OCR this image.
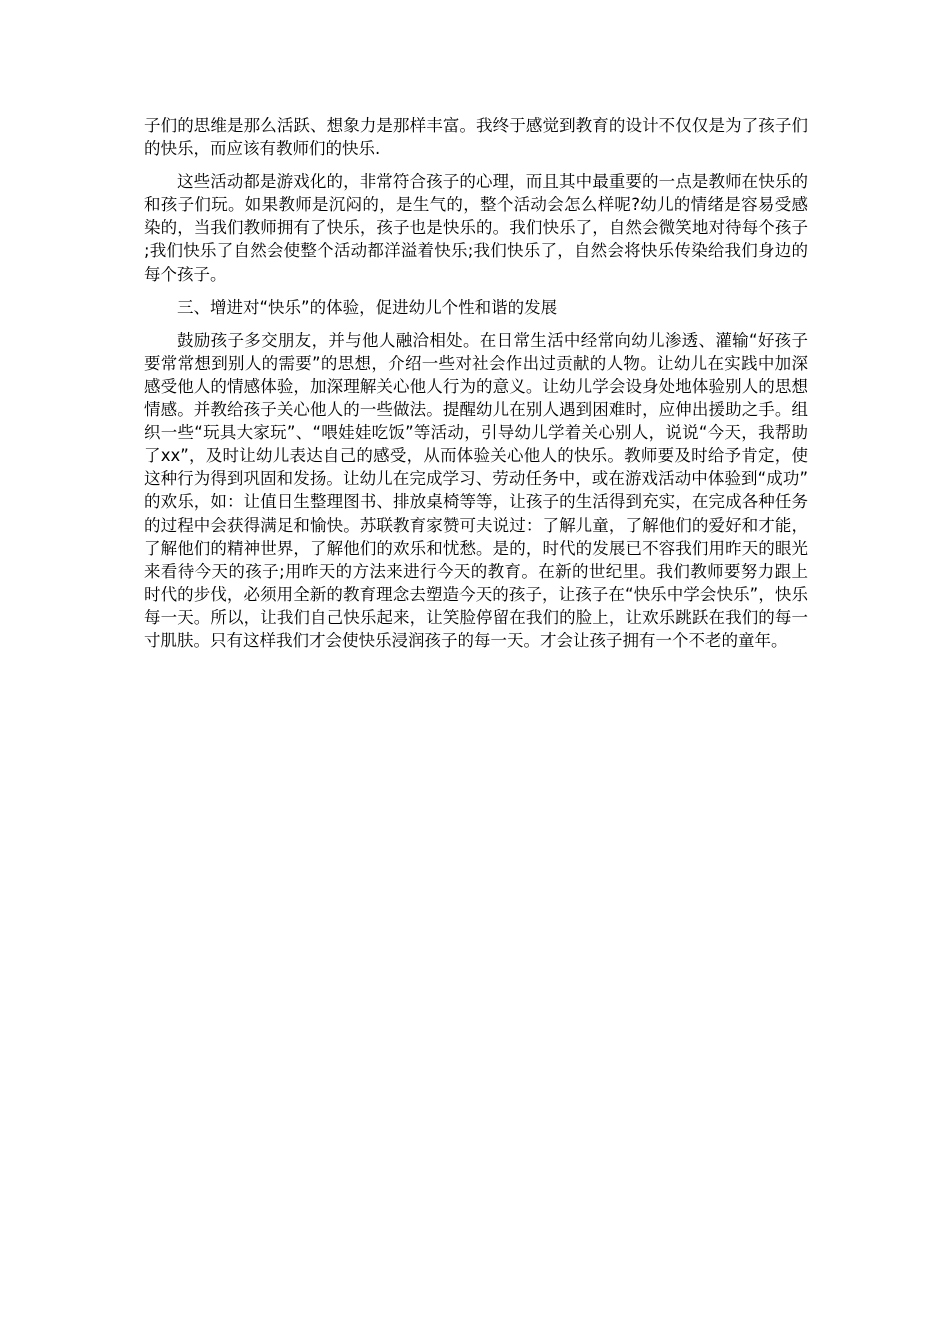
子们的思维是那么活跃、想象力是那样丰富。我终于感觉到教育的设计不仅仅是为了孩子们的快乐，而应该有教师们的快乐.

这些活动都是游戏化的，非常符合孩子的心理，而且其中最重要的一点是教师在快乐的和孩子们玩。如果教师是沉闷的，是生气的，整个活动会怎么样呢?幼儿的情绪是容易受感染的，当我们教师拥有了快乐，孩子也是快乐的。我们快乐了，自然会微笑地对待每个孩子;我们快乐了自然会使整个活动都洋溢着快乐;我们快乐了，自然会将快乐传染给我们身边的每个孩子。

三、增进对“快乐”的体验，促进幼儿个性和谐的发展

鼓励孩子多交朋友，并与他人融洽相处。在日常生活中经常向幼儿渗透、灌输“好孩子要常常想到别人的需要”的思想，介绍一些对社会作出过贡献的人物。让幼儿在实践中加深感受他人的情感体验，加深理解关心他人行为的意义。让幼儿学会设身处地体验别人的思想情感。并教给孩子关心他人的一些做法。提醒幼儿在别人遇到困难时，应伸出援助之手。组织一些“玩具大家玩”、“喂娃娃吃饭”等活动，引导幼儿学着关心别人，说说“今天，我帮助了xx”，及时让幼儿表达自己的感受，从而体验关心他人的快乐。教师要及时给予肯定，使这种行为得到巩固和发扬。让幼儿在完成学习、劳动任务中，或在游戏活动中体验到“成功”的欢乐，如：让值日生整理图书、排放桌椅等等，让孩子的生活得到充实，在完成各种任务的过程中会获得满足和愉快。苏联教育家赞可夫说过：了解儿童，了解他们的爱好和才能，了解他们的精神世界，了解他们的欢乐和忧愁。是的，时代的发展已不容我们用昨天的眼光来看待今天的孩子;用昨天的方法来进行今天的教育。在新的世纪里。我们教师要努力跟上时代的步伐，必须用全新的教育理念去塑造今天的孩子，让孩子在“快乐中学会快乐”，快乐每一天。所以，让我们自己快乐起来，让笑脸停留在我们的脸上，让欢乐跳跃在我们的每一寸肌肤。只有这样我们才会使快乐浸润孩子的每一天。才会让孩子拥有一个不老的童年。
